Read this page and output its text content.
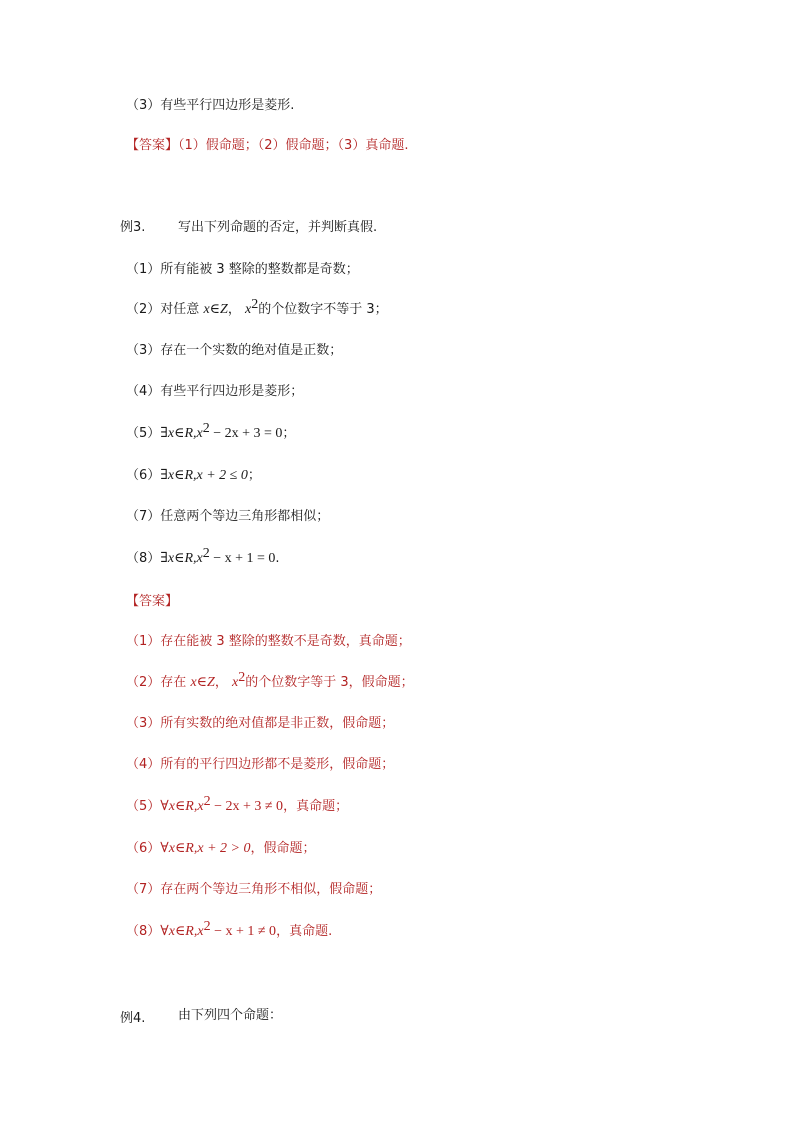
（3）有些平行四边形是菱形.
【答案】（1）假命题；（2）假命题；（3）真命题.
例3.	写出下列命题的否定，并判断真假.
（1）所有能被 3 整除的整数都是奇数；
（2）对任意 x∈Z， $x^2$的个位数字不等于 3；
（3）存在一个实数的绝对值是正数；
（4）有些平行四边形是菱形；
$(5)\exists x\in R,x^2 - 2x + 3 = 0$；
（6）∃x∈R,x + 2 ≤ 0；
（7）任意两个等边三角形都相似；
$(8)\exists x\in R,x^2 - x + 1 = 0$.
【答案】
（1）存在能被 3 整除的整数不是奇数，真命题；
（2）存在 x∈Z， $x^2$的个位数字等于 3，假命题；
（3）所有实数的绝对值都是非正数，假命题；
（4）所有的平行四边形都不是菱形，假命题；
$(5)\forall x\in R,x^2 - 2x + 3 \ne 0$，真命题；
（6）∀x∈R,x + 2 > 0，假命题；
（7）存在两个等边三角形不相似，假命题；
$(8)\forall x\in R,x^2 - x + 1 \ne 0$，真命题.
例4.	由下列四个命题：
